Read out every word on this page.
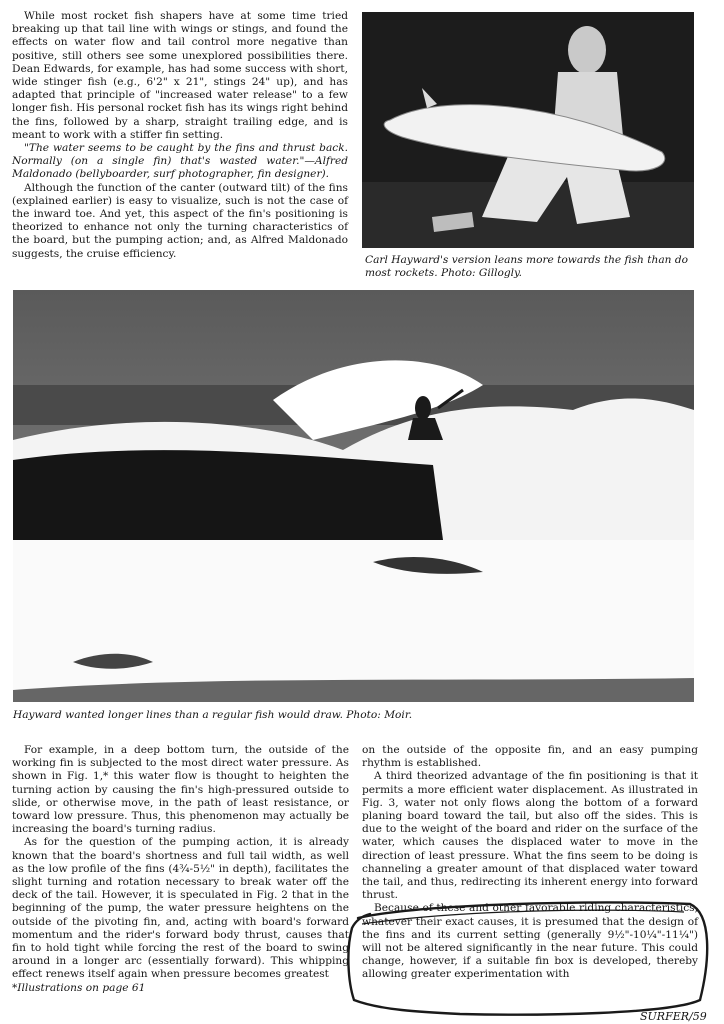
While most rocket fish shapers have at some time tried breaking up that tail line with wings or stings, and found the effects on water flow and tail control more negative than positive, still others see some unexplored possibilities there. Dean Edwards, for example, has had some success with short, wide stinger fish (e.g., 6'2" x 21", stings 24" up), and has adapted that principle of "increased water release" to a few longer fish. His personal rocket fish has its wings right behind the fins, followed by a sharp, straight trailing edge, and is meant to work with a stiffer fin setting.

"The water seems to be caught by the fins and thrust back. Normally (on a single fin) that's wasted water."—Alfred Maldonado (bellyboarder, surf photographer, fin designer).

Although the function of the canter (outward tilt) of the fins (explained earlier) is easy to visualize, such is not the case of the inward toe. And yet, this aspect of the fin's positioning is theorized to enhance not only the turning characteristics of the board, but the pumping action; and, as Alfred Maldonado suggests, the cruise efficiency.

Carl Hayward's version leans more towards the fish than do most rockets. Photo: Gillogly.
Hayward wanted longer lines than a regular fish would draw. Photo: Moir.

For example, in a deep bottom turn, the outside of the working fin is subjected to the most direct water pressure. As shown in Fig. 1,* this water flow is thought to heighten the turning action by causing the fin's high-pressured outside to slide, or otherwise move, in the path of least resistance, or toward low pressure. Thus, this phenomenon may actually be increasing the board's turning radius.

As for the question of the pumping action, it is already known that the board's shortness and full tail width, as well as the low profile of the fins (4¾-5½" in depth), facilitates the slight turning and rotation necessary to break water off the deck of the tail. However, it is speculated in Fig. 2 that in the beginning of the pump, the water pressure heightens on the outside of the pivoting fin, and, acting with board's forward momentum and the rider's forward body thrust, causes that fin to hold tight while forcing the rest of the board to swing around in a longer arc (essentially forward). This whipping effect renews itself again when pressure becomes greatest

*Illustrations on page 61

on the outside of the opposite fin, and an easy pumping rhythm is established.

A third theorized advantage of the fin positioning is that it permits a more efficient water displacement. As illustrated in Fig. 3, water not only flows along the bottom of a forward planing board toward the tail, but also off the sides. This is due to the weight of the board and rider on the surface of the water, which causes the displaced water to move in the direction of least pressure. What the fins seem to be doing is channeling a greater amount of that displaced water toward the tail, and thus, redirecting its inherent energy into forward thrust.

Because of these and other favorable riding characteristics, whatever their exact causes, it is presumed that the design of the fins and its current setting (generally 9½"-10¼"-11¼") will not be altered significantly in the near future. This could change, however, if a suitable fin box is developed, thereby allowing greater experimentation with

SURFER/59
